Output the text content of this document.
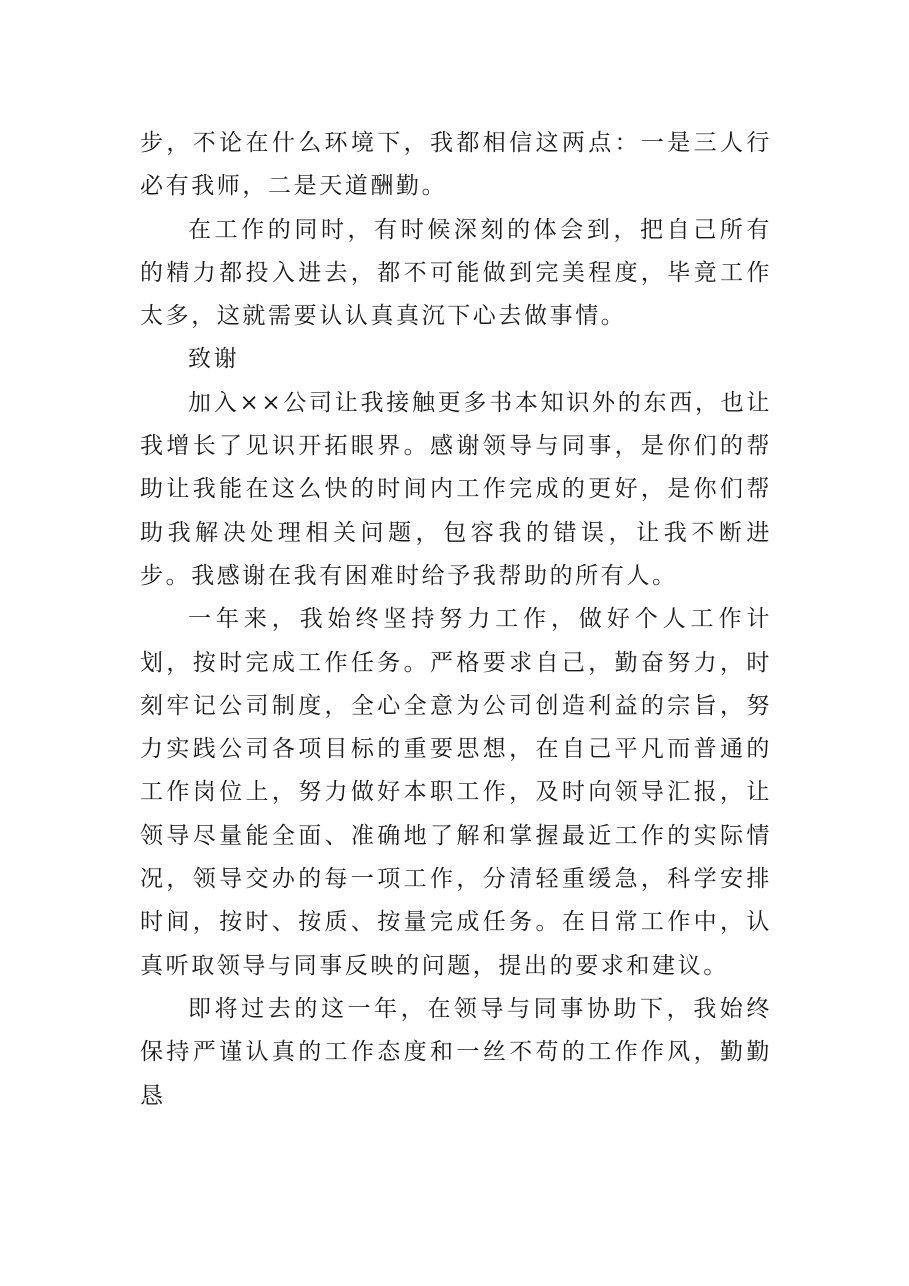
步，不论在什么环境下，我都相信这两点：一是三人行必有我师，二是天道酬勤。

在工作的同时，有时候深刻的体会到，把自己所有的精力都投入进去，都不可能做到完美程度，毕竟工作太多，这就需要认认真真沉下心去做事情。

致谢

加入××公司让我接触更多书本知识外的东西，也让我增长了见识开拓眼界。感谢领导与同事，是你们的帮助让我能在这么快的时间内工作完成的更好，是你们帮助我解决处理相关问题，包容我的错误，让我不断进步。我感谢在我有困难时给予我帮助的所有人。

一年来，我始终坚持努力工作，做好个人工作计划，按时完成工作任务。严格要求自己，勤奋努力，时刻牢记公司制度，全心全意为公司创造利益的宗旨，努力实践公司各项目标的重要思想，在自己平凡而普通的工作岗位上，努力做好本职工作，及时向领导汇报，让领导尽量能全面、准确地了解和掌握最近工作的实际情况，领导交办的每一项工作，分清轻重缓急，科学安排时间，按时、按质、按量完成任务。在日常工作中，认真听取领导与同事反映的问题，提出的要求和建议。

即将过去的这一年，在领导与同事协助下，我始终保持严谨认真的工作态度和一丝不苟的工作作风，勤勤恳
